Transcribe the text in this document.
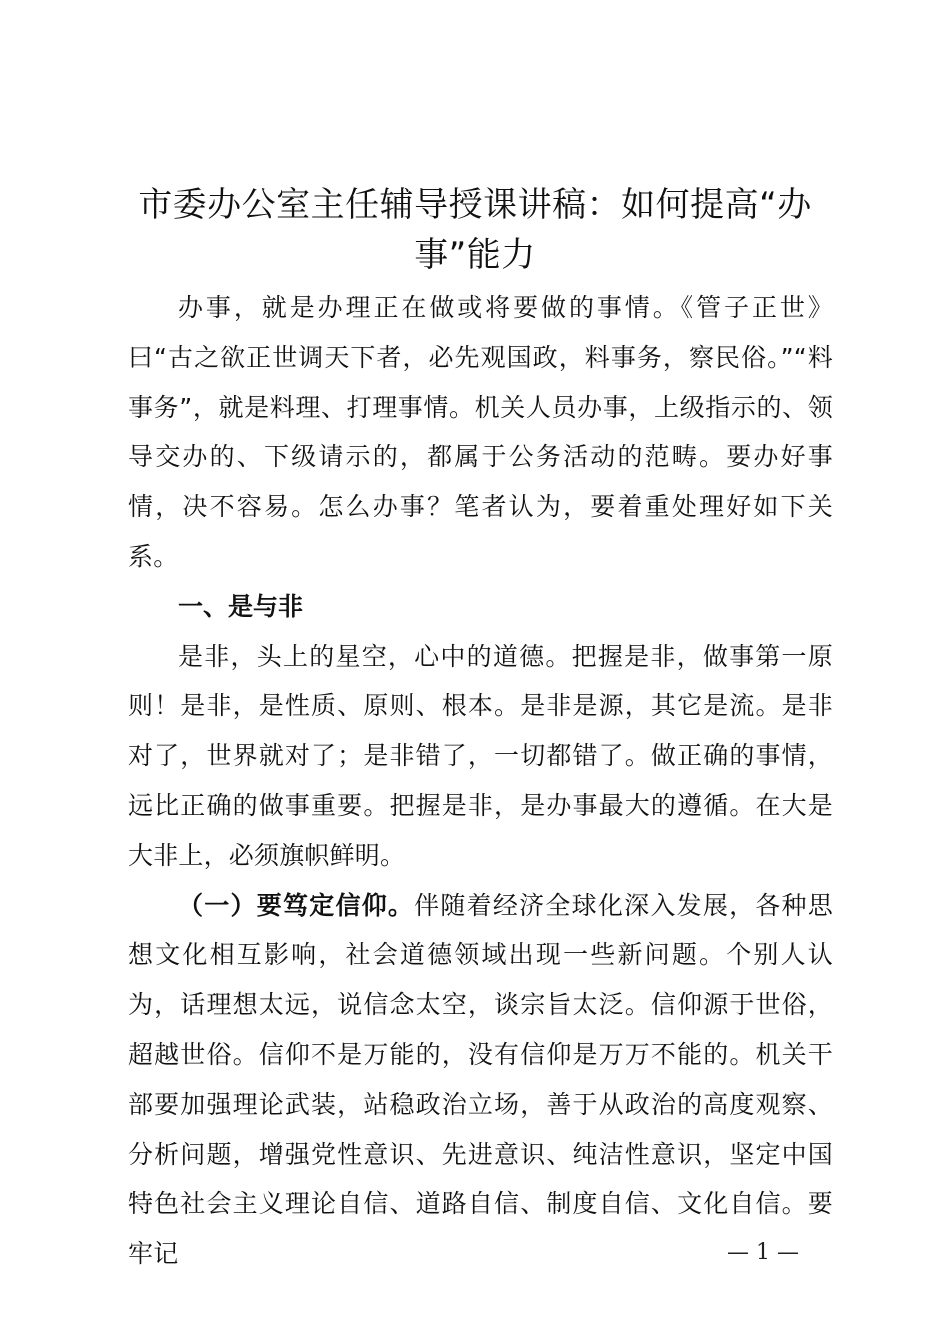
市委办公室主任辅导授课讲稿：如何提高“办事”能力

办事，就是办理正在做或将要做的事情。《管子正世》曰“古之欲正世调天下者，必先观国政，料事务，察民俗。”“料事务”，就是料理、打理事情。机关人员办事，上级指示的、领导交办的、下级请示的，都属于公务活动的范畴。要办好事情，决不容易。怎么办事？笔者认为，要着重处理好如下关系。

一、是与非

是非，头上的星空，心中的道德。把握是非，做事第一原则！是非，是性质、原则、根本。是非是源，其它是流。是非对了，世界就对了；是非错了，一切都错了。做正确的事情，远比正确的做事重要。把握是非，是办事最大的遵循。在大是大非上，必须旗帜鲜明。

（一）要笃定信仰。伴随着经济全球化深入发展，各种思想文化相互影响，社会道德领域出现一些新问题。个别人认为，话理想太远，说信念太空，谈宗旨太泛。信仰源于世俗，超越世俗。信仰不是万能的，没有信仰是万万不能的。机关干部要加强理论武装，站稳政治立场，善于从政治的高度观察、分析问题，增强党性意识、先进意识、纯洁性意识，坚定中国特色社会主义理论自信、道路自信、制度自信、文化自信。要牢记	— 1 —
